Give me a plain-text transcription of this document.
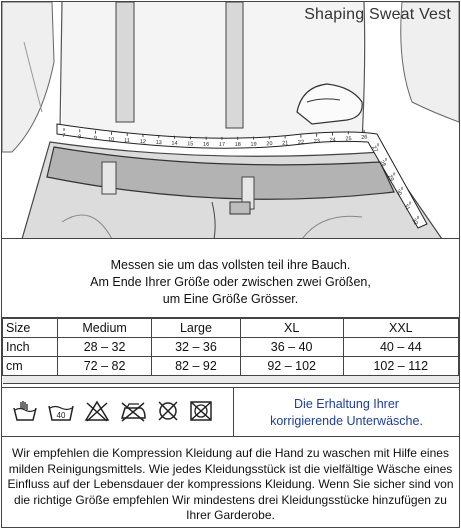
7 8 9 10 11 12 13 14 15 16 17 18 19 20 21 22 23 24 25 26
27
28
29
30
31
32
Shaping Sweat Vest
Messen sie um das vollsten teil ihre Bauch.
Am Ende Ihrer Größe oder zwischen zwei Größen,
um Eine Größe Grösser.
Size	Medium	Large	XL	XXL
Inch	28 – 32	32 – 36	36 – 40	40 – 44
cm	72 – 82	82 – 92	92 – 102	102 – 112

40
Die Erhaltung Ihrer
korrigierende Unterwäsche.
Wir empfehlen die Kompression Kleidung auf die Hand zu waschen mit Hilfe eines milden Reinigungsmittels. Wie jedes Kleidungsstück ist die vielfältige Wäsche eines Einfluss auf der Lebensdauer der kompressions Kleidung. Wenn Sie sicher sind von die richtige Größe empfehlen Wir mindestens drei Kleidungsstücke hinzufügen zu Ihrer Garderobe.
